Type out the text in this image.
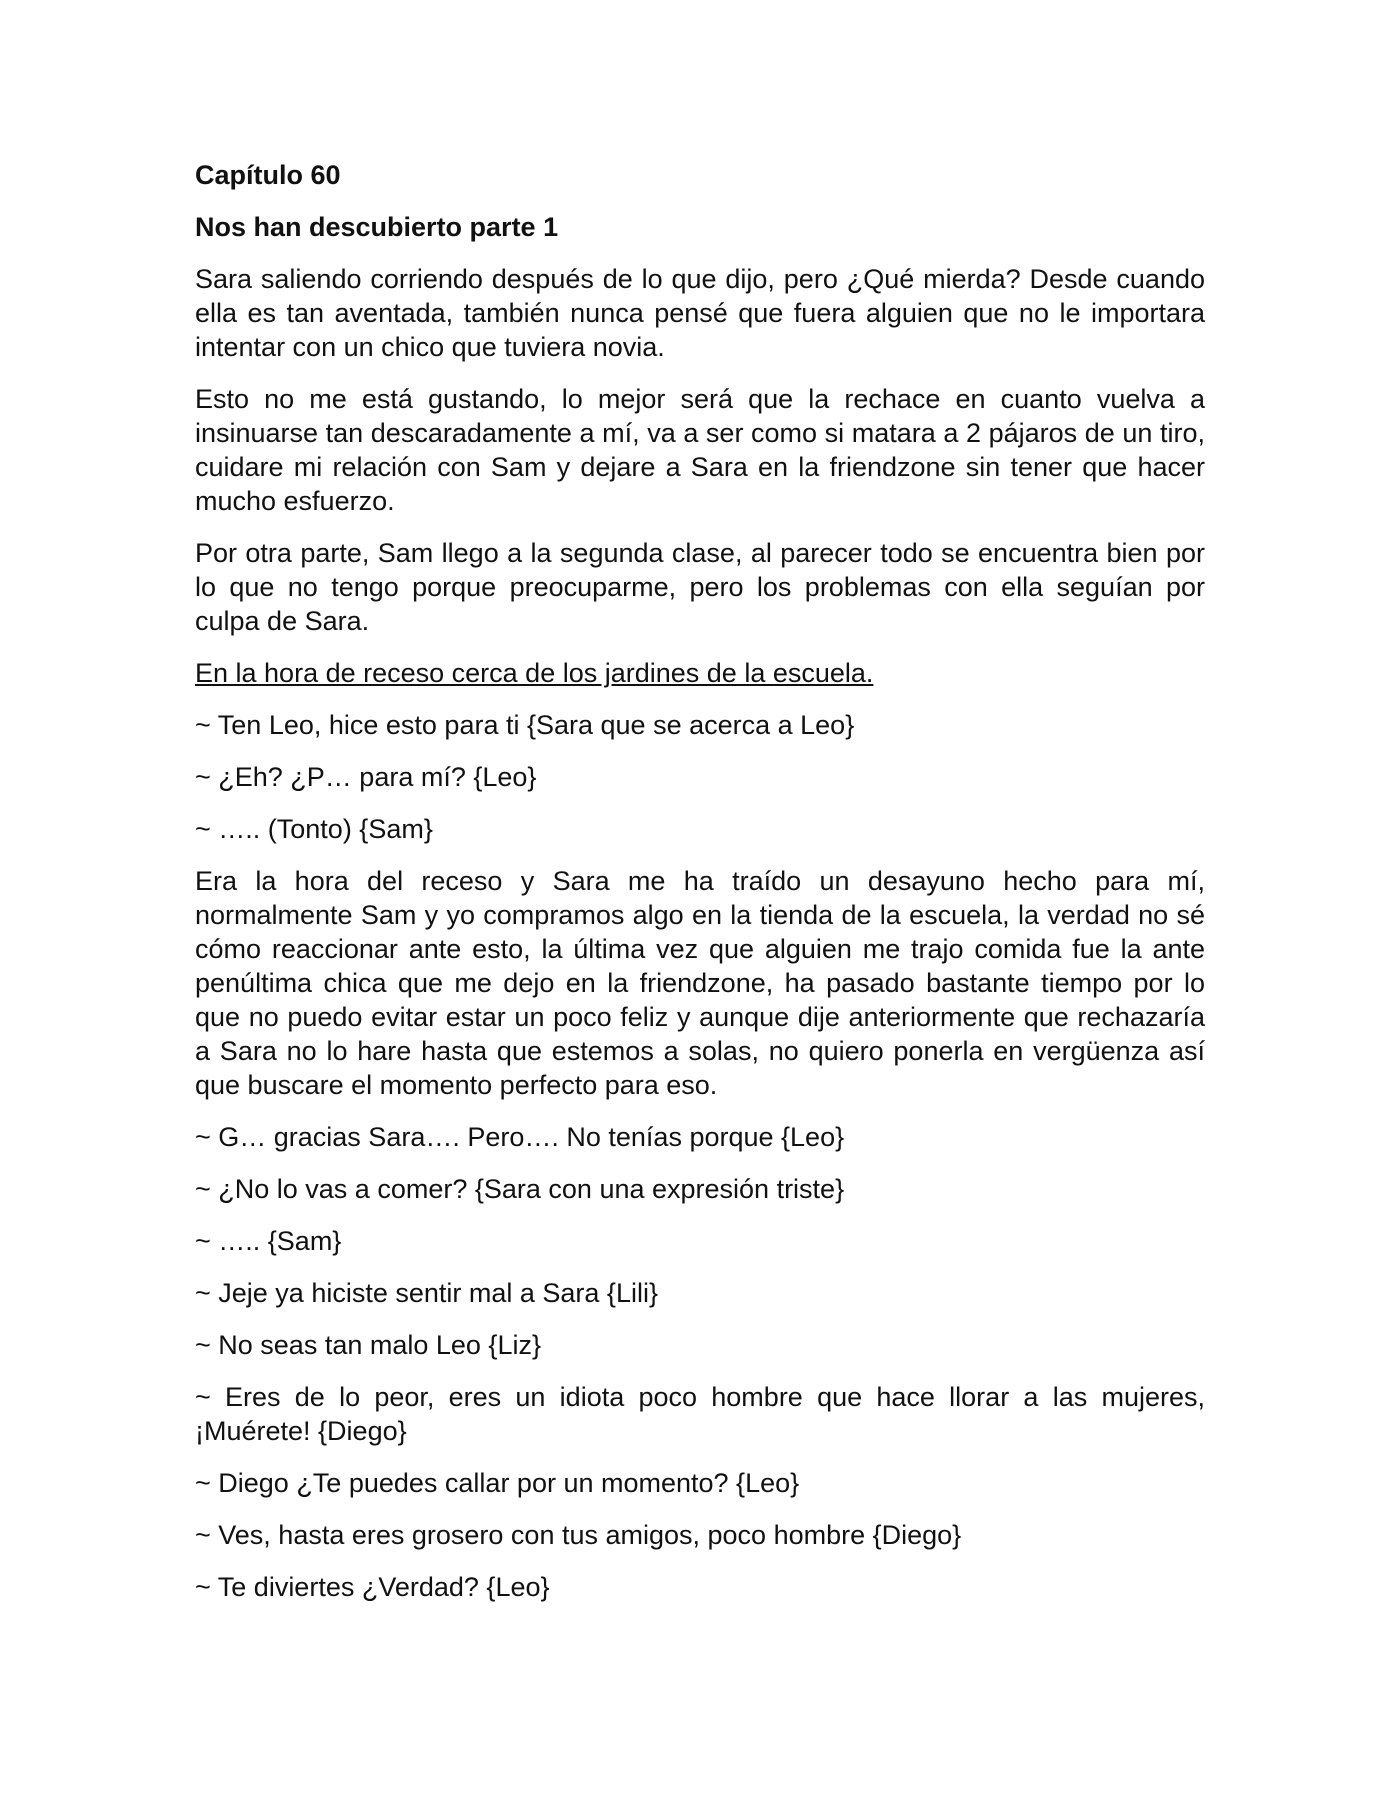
Capítulo 60
Nos han descubierto parte 1
Sara saliendo corriendo después de lo que dijo, pero ¿Qué mierda? Desde cuando ella es tan aventada, también nunca pensé que fuera alguien que no le importara intentar con un chico que tuviera novia.
Esto no me está gustando, lo mejor será que la rechace en cuanto vuelva a insinuarse tan descaradamente a mí, va a ser como si matara a 2 pájaros de un tiro, cuidare mi relación con Sam y dejare a Sara en la friendzone sin tener que hacer mucho esfuerzo.
Por otra parte, Sam llego a la segunda clase, al parecer todo se encuentra bien por lo que no tengo porque preocuparme, pero los problemas con ella seguían por culpa de Sara.
En la hora de receso cerca de los jardines de la escuela.
~ Ten Leo, hice esto para ti {Sara que se acerca a Leo}
~ ¿Eh? ¿P… para mí? {Leo}
~ ….. (Tonto) {Sam}
Era la hora del receso y Sara me ha traído un desayuno hecho para mí, normalmente Sam y yo compramos algo en la tienda de la escuela, la verdad no sé cómo reaccionar ante esto, la última vez que alguien me trajo comida fue la ante penúltima chica que me dejo en la friendzone, ha pasado bastante tiempo por lo que no puedo evitar estar un poco feliz y aunque dije anteriormente que rechazaría a Sara no lo hare hasta que estemos a solas, no quiero ponerla en vergüenza así que buscare el momento perfecto para eso.
~ G… gracias Sara…. Pero…. No tenías porque {Leo}
~ ¿No lo vas a comer? {Sara con una expresión triste}
~ ….. {Sam}
~ Jeje ya hiciste sentir mal a Sara {Lili}
~ No seas tan malo Leo {Liz}
~ Eres de lo peor, eres un idiota poco hombre que hace llorar a las mujeres, ¡Muérete! {Diego}
~ Diego ¿Te puedes callar por un momento? {Leo}
~ Ves, hasta eres grosero con tus amigos, poco hombre {Diego}
~ Te diviertes ¿Verdad? {Leo}
